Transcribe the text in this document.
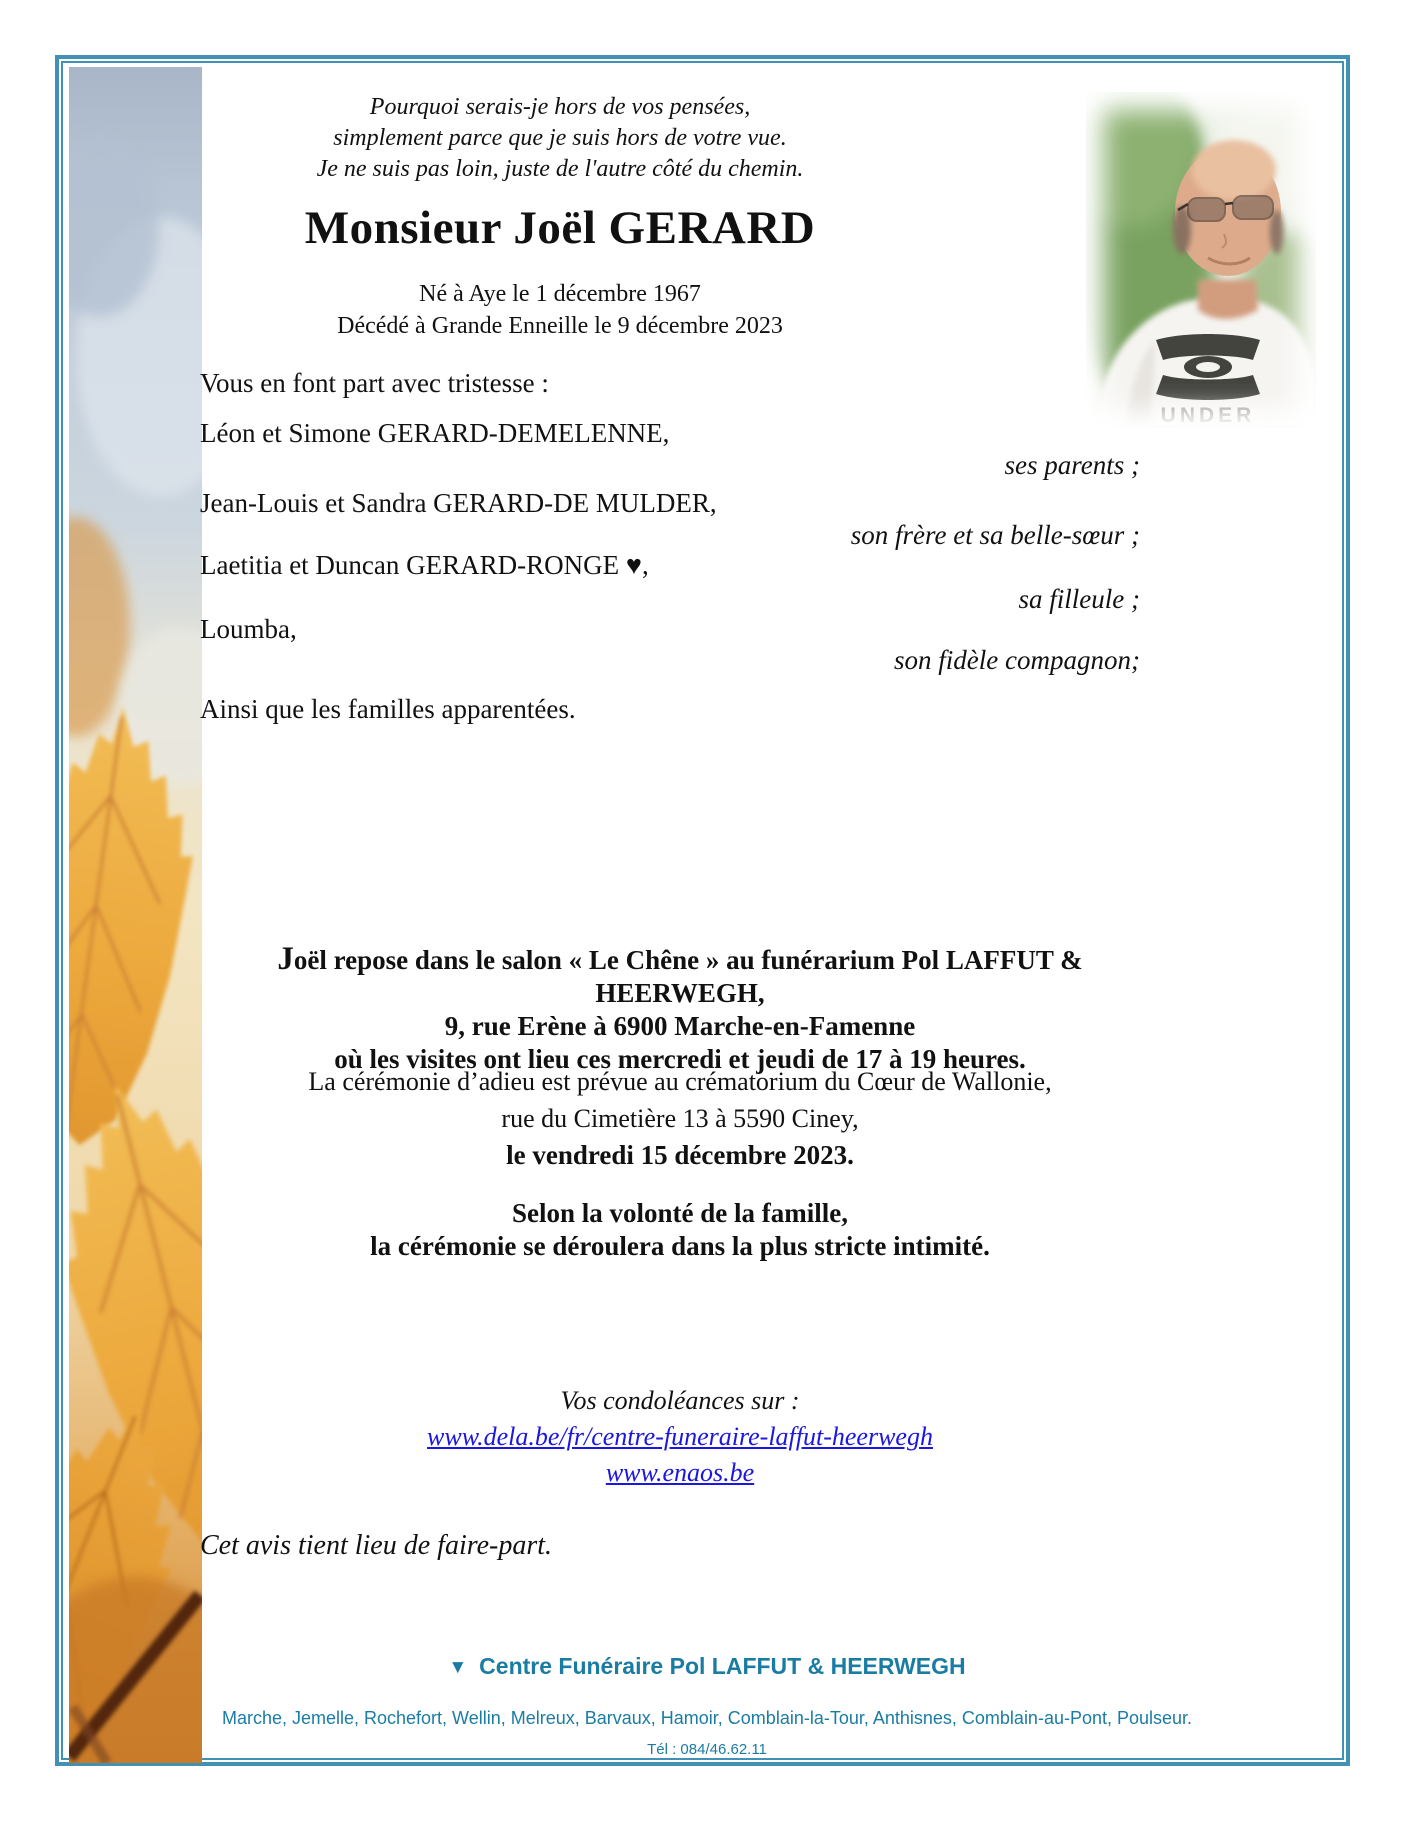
UNDER
Pourquoi serais-je hors de vos pensées,
simplement parce que je suis hors de votre vue.
Je ne suis pas loin, juste de l'autre côté du chemin.
Monsieur Joël GERARD
Né à Aye le 1 décembre 1967
Décédé à Grande Enneille le 9 décembre 2023
Vous en font part avec tristesse :
Léon et Simone GERARD-DEMELENNE,
ses parents ;
Jean-Louis et Sandra GERARD-DE MULDER,
son frère et sa belle-sœur ;
Laetitia et Duncan GERARD-RONGE ♥,
sa filleule ;
Loumba,
son fidèle compagnon;
Ainsi que les familles apparentées.
Joël repose dans le salon « Le Chêne » au funérarium Pol LAFFUT & HEERWEGH,
9, rue Erène à 6900 Marche-en-Famenne
où les visites ont lieu ces mercredi et jeudi de 17 à 19 heures.
La cérémonie d’adieu est prévue au crématorium du Cœur de Wallonie,
rue du Cimetière 13 à 5590 Ciney,
le vendredi 15 décembre 2023.
Selon la volonté de la famille,
la cérémonie se déroulera dans la plus stricte intimité.
Vos condoléances sur :
www.dela.be/fr/centre-funeraire-laffut-heerwegh
www.enaos.be
Cet avis tient lieu de faire-part.
▼ Centre Funéraire Pol LAFFUT & HEERWEGH
Marche, Jemelle, Rochefort, Wellin, Melreux, Barvaux, Hamoir, Comblain-la-Tour, Anthisnes, Comblain-au-Pont, Poulseur.
Tél : 084/46.62.11
